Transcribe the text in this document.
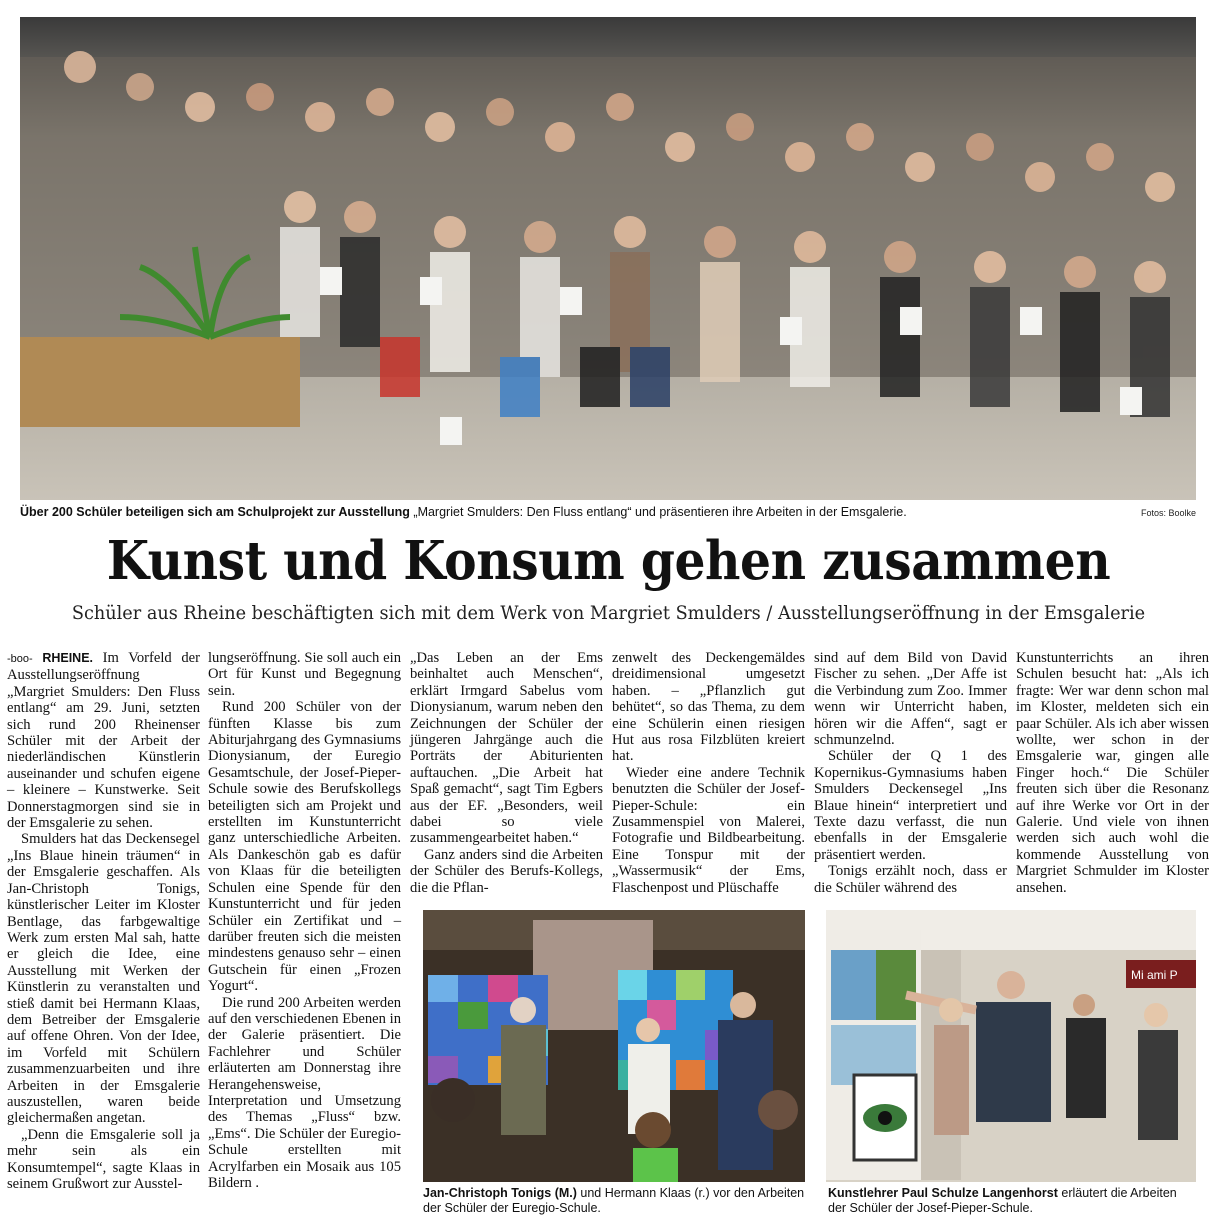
Über 200 Schüler beteiligen sich am Schulprojekt zur Ausstellung „Margriet Smulders: Den Fluss entlang“ und präsentieren ihre Arbeiten in der Emsgalerie.	Fotos: Boolke
Kunst und Konsum gehen zusammen
Schüler aus Rheine beschäftigten sich mit dem Werk von Margriet Smulders / Ausstellungseröffnung in der Emsgalerie

-boo- RHEINE. Im Vorfeld der Ausstellungseröffnung „Margriet Smulders: Den Fluss entlang“ am 29. Juni, setzten sich rund 200 Rheinenser Schüler mit der Arbeit der niederländischen Künstlerin auseinander und schufen eigene – kleinere – Kunstwerke. Seit Donnerstagmorgen sind sie in der Emsgalerie zu sehen.

Smulders hat das Deckensegel „Ins Blaue hinein träumen“ in der Emsgalerie geschaffen. Als Jan-Christoph Tonigs, künstlerischer Leiter im Kloster Bentlage, das farbgewaltige Werk zum ersten Mal sah, hatte er gleich die Idee, eine Ausstellung mit Werken der Künstlerin zu veranstalten und stieß damit bei Hermann Klaas, dem Betreiber der Emsgalerie auf offene Ohren. Von der Idee, im Vorfeld mit Schülern zusammenzuarbeiten und ihre Arbeiten in der Emsgalerie auszustellen, waren beide gleichermaßen angetan.

„Denn die Emsgalerie soll ja mehr sein als ein Konsumtempel“, sagte Klaas in seinem Grußwort zur Ausstel-

lungseröffnung. Sie soll auch ein Ort für Kunst und Begegnung sein.

Rund 200 Schüler von der fünften Klasse bis zum Abiturjahrgang des Gymnasiums Dionysianum, der Euregio Gesamtschule, der Josef-Pieper-Schule sowie des Berufskollegs beteiligten sich am Projekt und erstellten im Kunstunterricht ganz unterschiedliche Arbeiten. Als Dankeschön gab es dafür von Klaas für die beteiligten Schulen eine Spende für den Kunstunterricht und für jeden Schüler ein Zertifikat und – darüber freuten sich die meisten mindestens genauso sehr – einen Gutschein für einen „Frozen Yogurt“.

Die rund 200 Arbeiten werden auf den verschiedenen Ebenen in der Galerie präsentiert. Die Fachlehrer und Schüler erläuterten am Donnerstag ihre Herangehensweise, Interpretation und Umsetzung des Themas „Fluss“ bzw. „Ems“. Die Schüler der Euregio-Schule erstellten mit Acrylfarben ein Mosaik aus 105 Bildern .

„Das Leben an der Ems beinhaltet auch Menschen“, erklärt Irmgard Sabelus vom Dionysianum, warum neben den Zeichnungen der Schüler der jüngeren Jahrgänge auch die Porträts der Abiturienten auftauchen. „Die Arbeit hat Spaß gemacht“, sagt Tim Egbers aus der EF. „Besonders, weil dabei so viele zusammengearbeitet haben.“

Ganz anders sind die Arbeiten der Schüler des Berufs-Kollegs, die die Pflan-

zenwelt des Deckengemäldes dreidimensional umgesetzt haben. – „Pflanzlich gut behütet“, so das Thema, zu dem eine Schülerin einen riesigen Hut aus rosa Filzblüten kreiert hat.

Wieder eine andere Technik benutzten die Schüler der Josef-Pieper-Schule: ein Zusammenspiel von Malerei, Fotografie und Bildbearbeitung. Eine Tonspur mit der „Wassermusik“ der Ems, Flaschenpost und Plüschaffe

sind auf dem Bild von David Fischer zu sehen. „Der Affe ist die Verbindung zum Zoo. Immer wenn wir Unterricht haben, hören wir die Affen“, sagt er schmunzelnd.

Schüler der Q 1 des Kopernikus-Gymnasiums haben Smulders Deckensegel „Ins Blaue hinein“ interpretiert und Texte dazu verfasst, die nun ebenfalls in der Emsgalerie präsentiert werden.

Tonigs erzählt noch, dass er die Schüler während des

Kunstunterrichts an ihren Schulen besucht hat: „Als ich fragte: Wer war denn schon mal im Kloster, meldeten sich ein paar Schüler. Als ich aber wissen wollte, wer schon in der Emsgalerie war, gingen alle Finger hoch.“ Die Schüler freuten sich über die Resonanz auf ihre Werke vor Ort in der Galerie. Und viele von ihnen werden sich auch wohl die kommende Ausstellung von Margriet Schmulder im Kloster ansehen.

Jan-Christoph Tonigs (M.) und Hermann Klaas (r.) vor den Arbeiten der Schüler der Euregio-Schule.
Mi ami P
Kunstlehrer Paul Schulze Langenhorst erläutert die Arbeiten der Schüler der Josef-Pieper-Schule.
